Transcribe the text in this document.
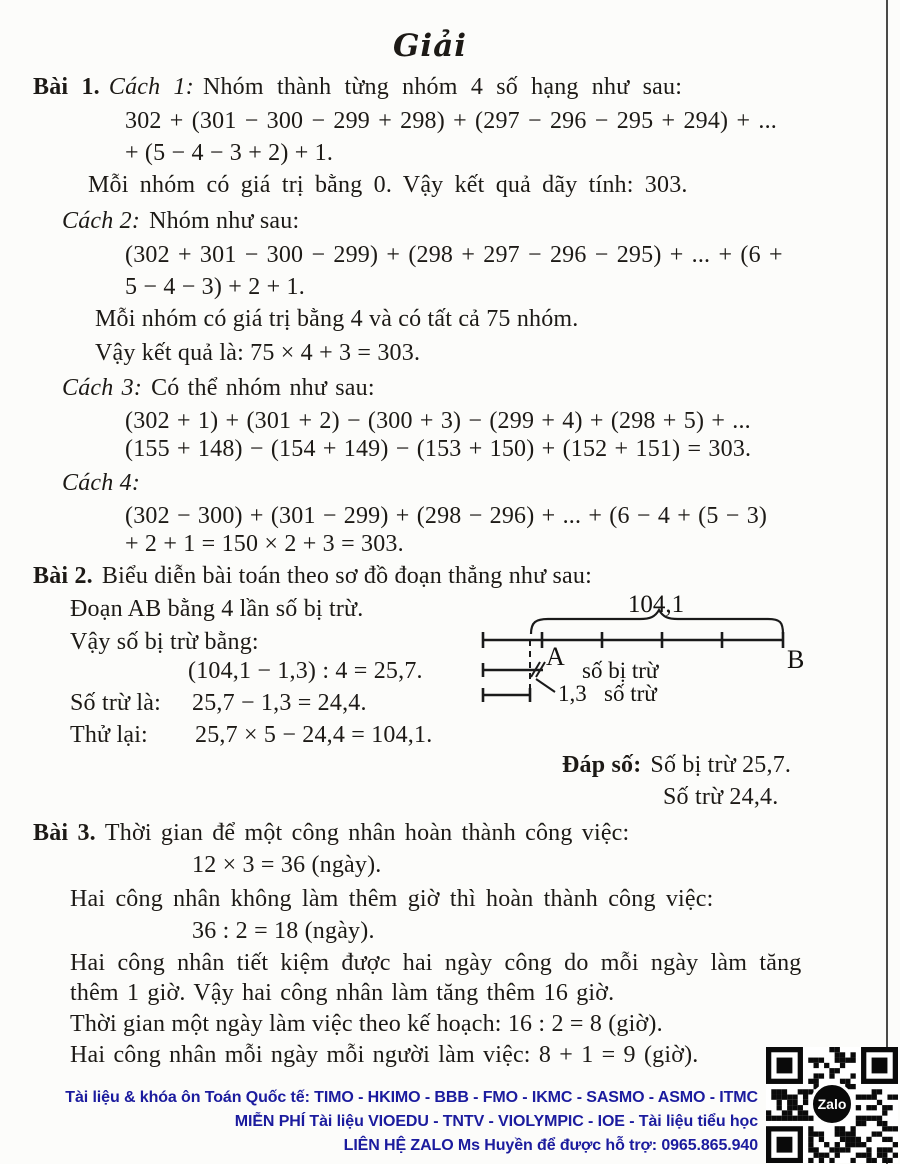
Giải
Bài 1. Cách 1: Nhóm thành từng nhóm 4 số hạng như sau:
302 + (301 − 300 − 299 + 298) + (297 − 296 − 295 + 294) + ...
+ (5 − 4 − 3 + 2) + 1.
Mỗi nhóm có giá trị bằng 0. Vậy kết quả dãy tính: 303.
Cách 2: Nhóm như sau:
(302 + 301 − 300 − 299) + (298 + 297 − 296 − 295) + ... + (6 +
5 − 4 − 3) + 2 + 1.
Mỗi nhóm có giá trị bằng 4 và có tất cả 75 nhóm.
Vậy kết quả là: 75 × 4 + 3 = 303.
Cách 3: Có thể nhóm như sau:
(302 + 1) + (301 + 2) − (300 + 3) − (299 + 4) + (298 + 5) + ...
(155 + 148) − (154 + 149) − (153 + 150) + (152 + 151) = 303.
Cách 4:
(302 − 300) + (301 − 299) + (298 − 296) + ... + (6 − 4 + (5 − 3)
+ 2 + 1 = 150 × 2 + 3 = 303.
Bài 2. Biểu diễn bài toán theo sơ đồ đoạn thẳng như sau:
Đoạn AB bằng 4 lần số bị trừ.
Vậy số bị trừ bằng:
(104,1 − 1,3) : 4 = 25,7.
Số trừ là: 25,7 − 1,3 = 24,4.
Thử lại: 25,7 × 5 − 24,4 = 104,1.
Đáp số: Số bị trừ 25,7.
Số trừ 24,4.
104,1
A	B
số bị trừ
1,3 số trừ
Bài 3. Thời gian để một công nhân hoàn thành công việc:
12 × 3 = 36 (ngày).
Hai công nhân không làm thêm giờ thì hoàn thành công việc:
36 : 2 = 18 (ngày).
Hai công nhân tiết kiệm được hai ngày công do mỗi ngày làm tăng
thêm 1 giờ. Vậy hai công nhân làm tăng thêm 16 giờ.
Thời gian một ngày làm việc theo kế hoạch: 16 : 2 = 8 (giờ).
Hai công nhân mỗi ngày mỗi người làm việc: 8 + 1 = 9 (giờ).
Tài liệu & khóa ôn Toán Quốc tế: TIMO - HKIMO - BBB - FMO - IKMC - SASMO - ASMO - ITMC
MIỄN PHÍ Tài liệu VIOEDU - TNTV - VIOLYMPIC - IOE - Tài liệu tiểu học
LIÊN HỆ ZALO Ms Huyền để được hỗ trợ: 0965.865.940
Zalo
